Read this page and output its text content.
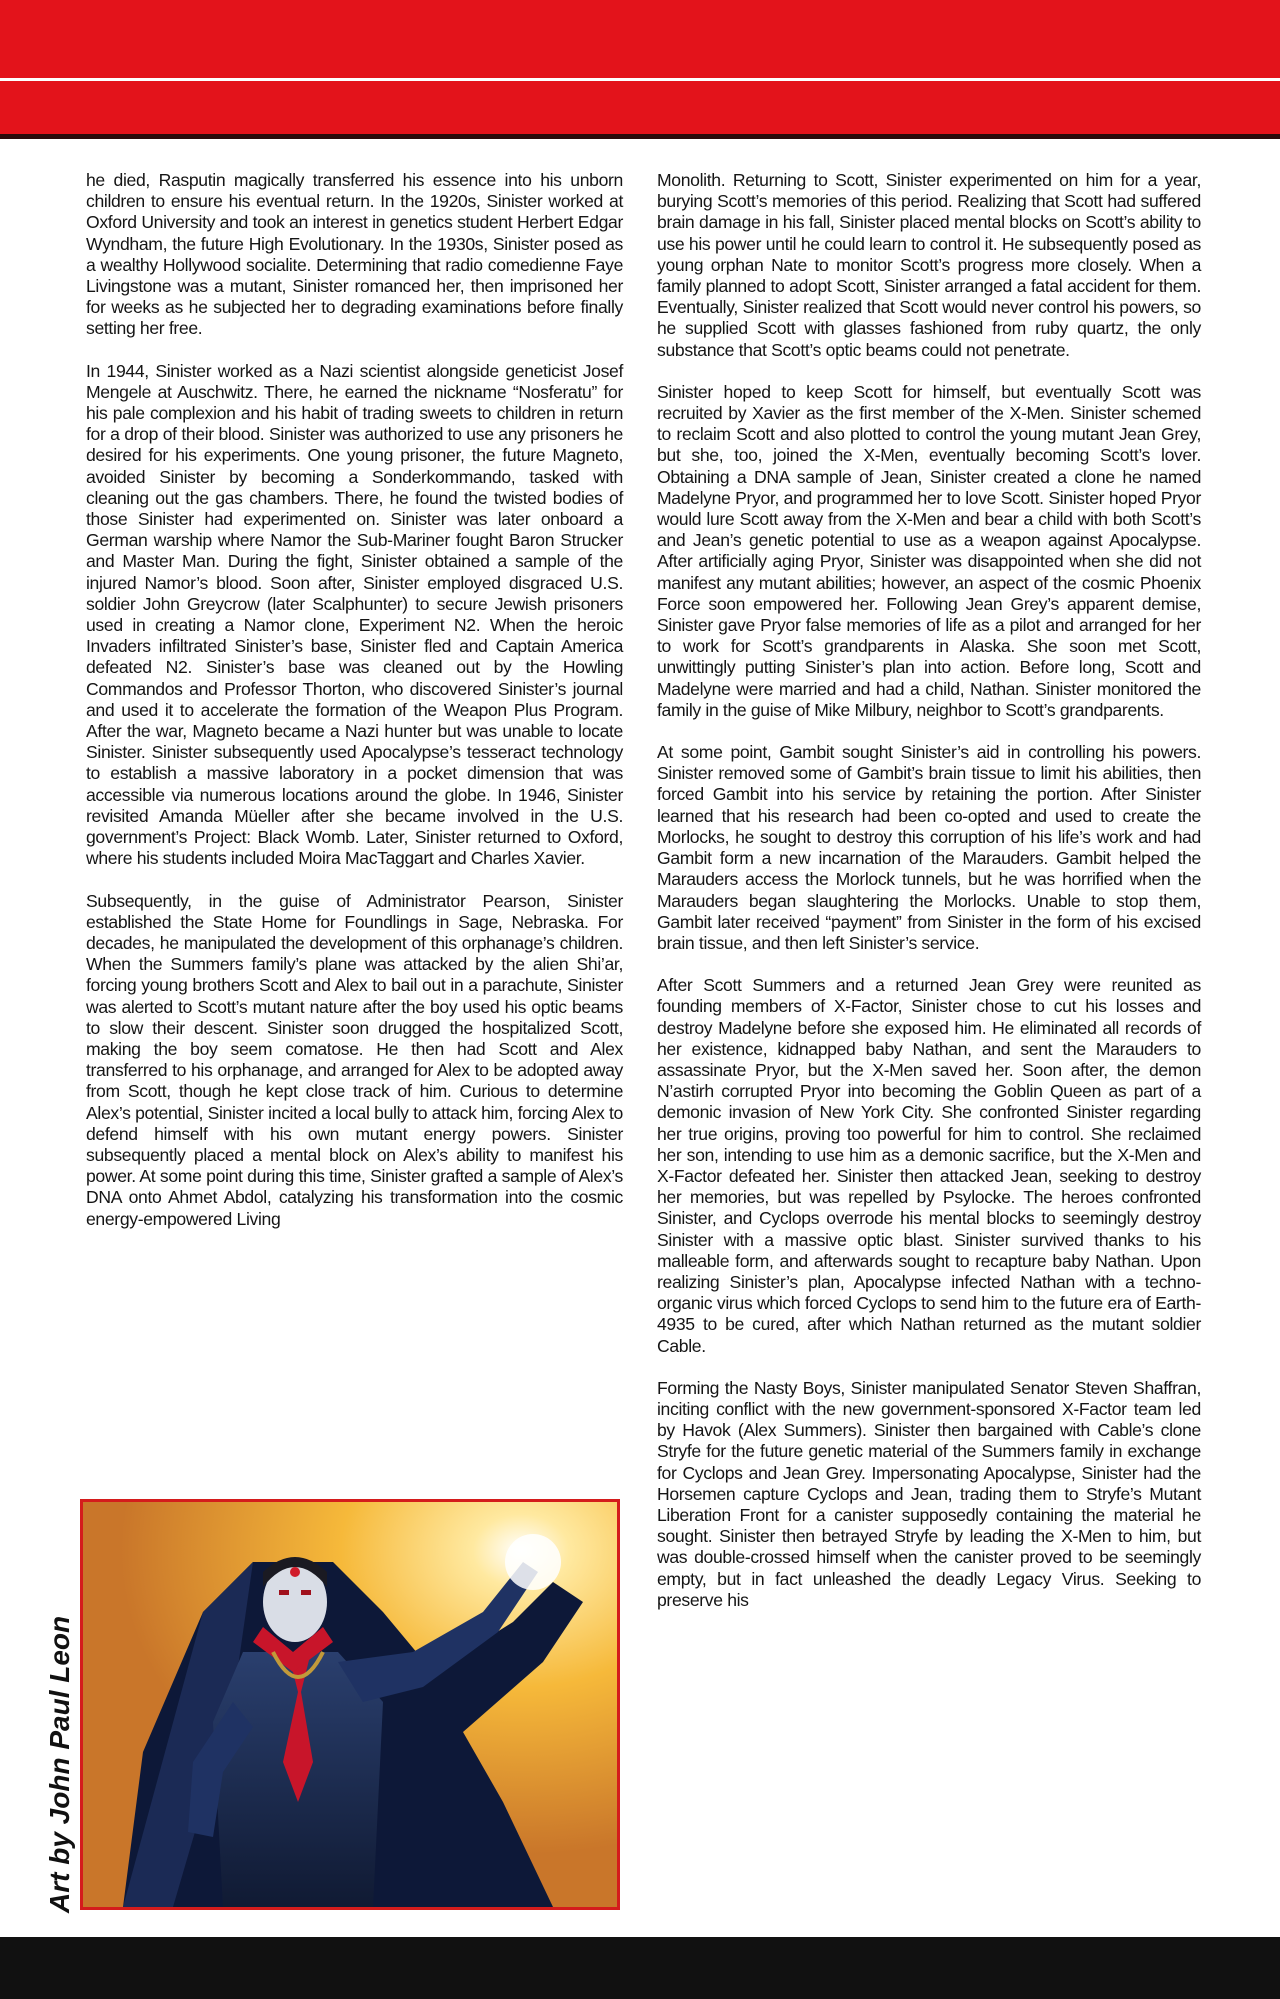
he died, Rasputin magically transferred his essence into his unborn children to ensure his eventual return. In the 1920s, Sinister worked at Oxford University and took an interest in genetics student Herbert Edgar Wyndham, the future High Evolutionary. In the 1930s, Sinister posed as a wealthy Hollywood socialite. Determining that radio comedienne Faye Livingstone was a mutant, Sinister romanced her, then imprisoned her for weeks as he subjected her to degrading examinations before finally setting her free.

In 1944, Sinister worked as a Nazi scientist alongside geneticist Josef Mengele at Auschwitz. There, he earned the nickname “Nosferatu” for his pale complexion and his habit of trading sweets to children in return for a drop of their blood. Sinister was authorized to use any prisoners he desired for his experiments. One young prisoner, the future Magneto, avoided Sinister by becoming a Sonderkommando, tasked with cleaning out the gas chambers. There, he found the twisted bodies of those Sinister had experimented on. Sinister was later onboard a German warship where Namor the Sub-Mariner fought Baron Strucker and Master Man. During the fight, Sinister obtained a sample of the injured Namor’s blood. Soon after, Sinister employed disgraced U.S. soldier John Greycrow (later Scalphunter) to secure Jewish prisoners used in creating a Namor clone, Experiment N2. When the heroic Invaders infiltrated Sinister’s base, Sinister fled and Captain America defeated N2. Sinister’s base was cleaned out by the Howling Commandos and Professor Thorton, who discovered Sinister’s journal and used it to accelerate the formation of the Weapon Plus Program. After the war, Magneto became a Nazi hunter but was unable to locate Sinister. Sinister subsequently used Apocalypse’s tesseract technology to establish a massive laboratory in a pocket dimension that was accessible via numerous locations around the globe. In 1946, Sinister revisited Amanda Müeller after she became involved in the U.S. government’s Project: Black Womb. Later, Sinister returned to Oxford, where his students included Moira MacTaggart and Charles Xavier.

Subsequently, in the guise of Administrator Pearson, Sinister established the State Home for Foundlings in Sage, Nebraska. For decades, he manipulated the development of this orphanage’s children. When the Summers family’s plane was attacked by the alien Shi’ar, forcing young brothers Scott and Alex to bail out in a parachute, Sinister was alerted to Scott’s mutant nature after the boy used his optic beams to slow their descent. Sinister soon drugged the hospitalized Scott, making the boy seem comatose. He then had Scott and Alex transferred to his orphanage, and arranged for Alex to be adopted away from Scott, though he kept close track of him. Curious to determine Alex’s potential, Sinister incited a local bully to attack him, forcing Alex to defend himself with his own mutant energy powers. Sinister subsequently placed a mental block on Alex’s ability to manifest his power. At some point during this time, Sinister grafted a sample of Alex’s DNA onto Ahmet Abdol, catalyzing his transformation into the cosmic energy-empowered Living

Monolith. Returning to Scott, Sinister experimented on him for a year, burying Scott’s memories of this period. Realizing that Scott had suffered brain damage in his fall, Sinister placed mental blocks on Scott’s ability to use his power until he could learn to control it. He subsequently posed as young orphan Nate to monitor Scott’s progress more closely. When a family planned to adopt Scott, Sinister arranged a fatal accident for them. Eventually, Sinister realized that Scott would never control his powers, so he supplied Scott with glasses fashioned from ruby quartz, the only substance that Scott’s optic beams could not penetrate.

Sinister hoped to keep Scott for himself, but eventually Scott was recruited by Xavier as the first member of the X-Men. Sinister schemed to reclaim Scott and also plotted to control the young mutant Jean Grey, but she, too, joined the X-Men, eventually becoming Scott’s lover. Obtaining a DNA sample of Jean, Sinister created a clone he named Madelyne Pryor, and programmed her to love Scott. Sinister hoped Pryor would lure Scott away from the X-Men and bear a child with both Scott’s and Jean’s genetic potential to use as a weapon against Apocalypse. After artificially aging Pryor, Sinister was disappointed when she did not manifest any mutant abilities; however, an aspect of the cosmic Phoenix Force soon empowered her. Following Jean Grey’s apparent demise, Sinister gave Pryor false memories of life as a pilot and arranged for her to work for Scott’s grandparents in Alaska. She soon met Scott, unwittingly putting Sinister’s plan into action. Before long, Scott and Madelyne were married and had a child, Nathan. Sinister monitored the family in the guise of Mike Milbury, neighbor to Scott’s grandparents.

At some point, Gambit sought Sinister’s aid in controlling his powers. Sinister removed some of Gambit’s brain tissue to limit his abilities, then forced Gambit into his service by retaining the portion. After Sinister learned that his research had been co-opted and used to create the Morlocks, he sought to destroy this corruption of his life’s work and had Gambit form a new incarnation of the Marauders. Gambit helped the Marauders access the Morlock tunnels, but he was horrified when the Marauders began slaughtering the Morlocks. Unable to stop them, Gambit later received “payment” from Sinister in the form of his excised brain tissue, and then left Sinister’s service.

After Scott Summers and a returned Jean Grey were reunited as founding members of X-Factor, Sinister chose to cut his losses and destroy Madelyne before she exposed him. He eliminated all records of her existence, kidnapped baby Nathan, and sent the Marauders to assassinate Pryor, but the X-Men saved her. Soon after, the demon N’astirh corrupted Pryor into becoming the Goblin Queen as part of a demonic invasion of New York City. She confronted Sinister regarding her true origins, proving too powerful for him to control. She reclaimed her son, intending to use him as a demonic sacrifice, but the X-Men and X-Factor defeated her. Sinister then attacked Jean, seeking to destroy her memories, but was repelled by Psylocke. The heroes confronted Sinister, and Cyclops overrode his mental blocks to seemingly destroy Sinister with a massive optic blast. Sinister survived thanks to his malleable form, and afterwards sought to recapture baby Nathan. Upon realizing Sinister’s plan, Apocalypse infected Nathan with a techno-organic virus which forced Cyclops to send him to the future era of Earth-4935 to be cured, after which Nathan returned as the mutant soldier Cable.

Forming the Nasty Boys, Sinister manipulated Senator Steven Shaffran, inciting conflict with the new government-sponsored X-Factor team led by Havok (Alex Summers). Sinister then bargained with Cable’s clone Stryfe for the future genetic material of the Summers family in exchange for Cyclops and Jean Grey. Impersonating Apocalypse, Sinister had the Horsemen capture Cyclops and Jean, trading them to Stryfe’s Mutant Liberation Front for a canister supposedly containing the material he sought. Sinister then betrayed Stryfe by leading the X-Men to him, but was double-crossed himself when the canister proved to be seemingly empty, but in fact unleashed the deadly Legacy Virus. Seeking to preserve his

Art by John Paul Leon
